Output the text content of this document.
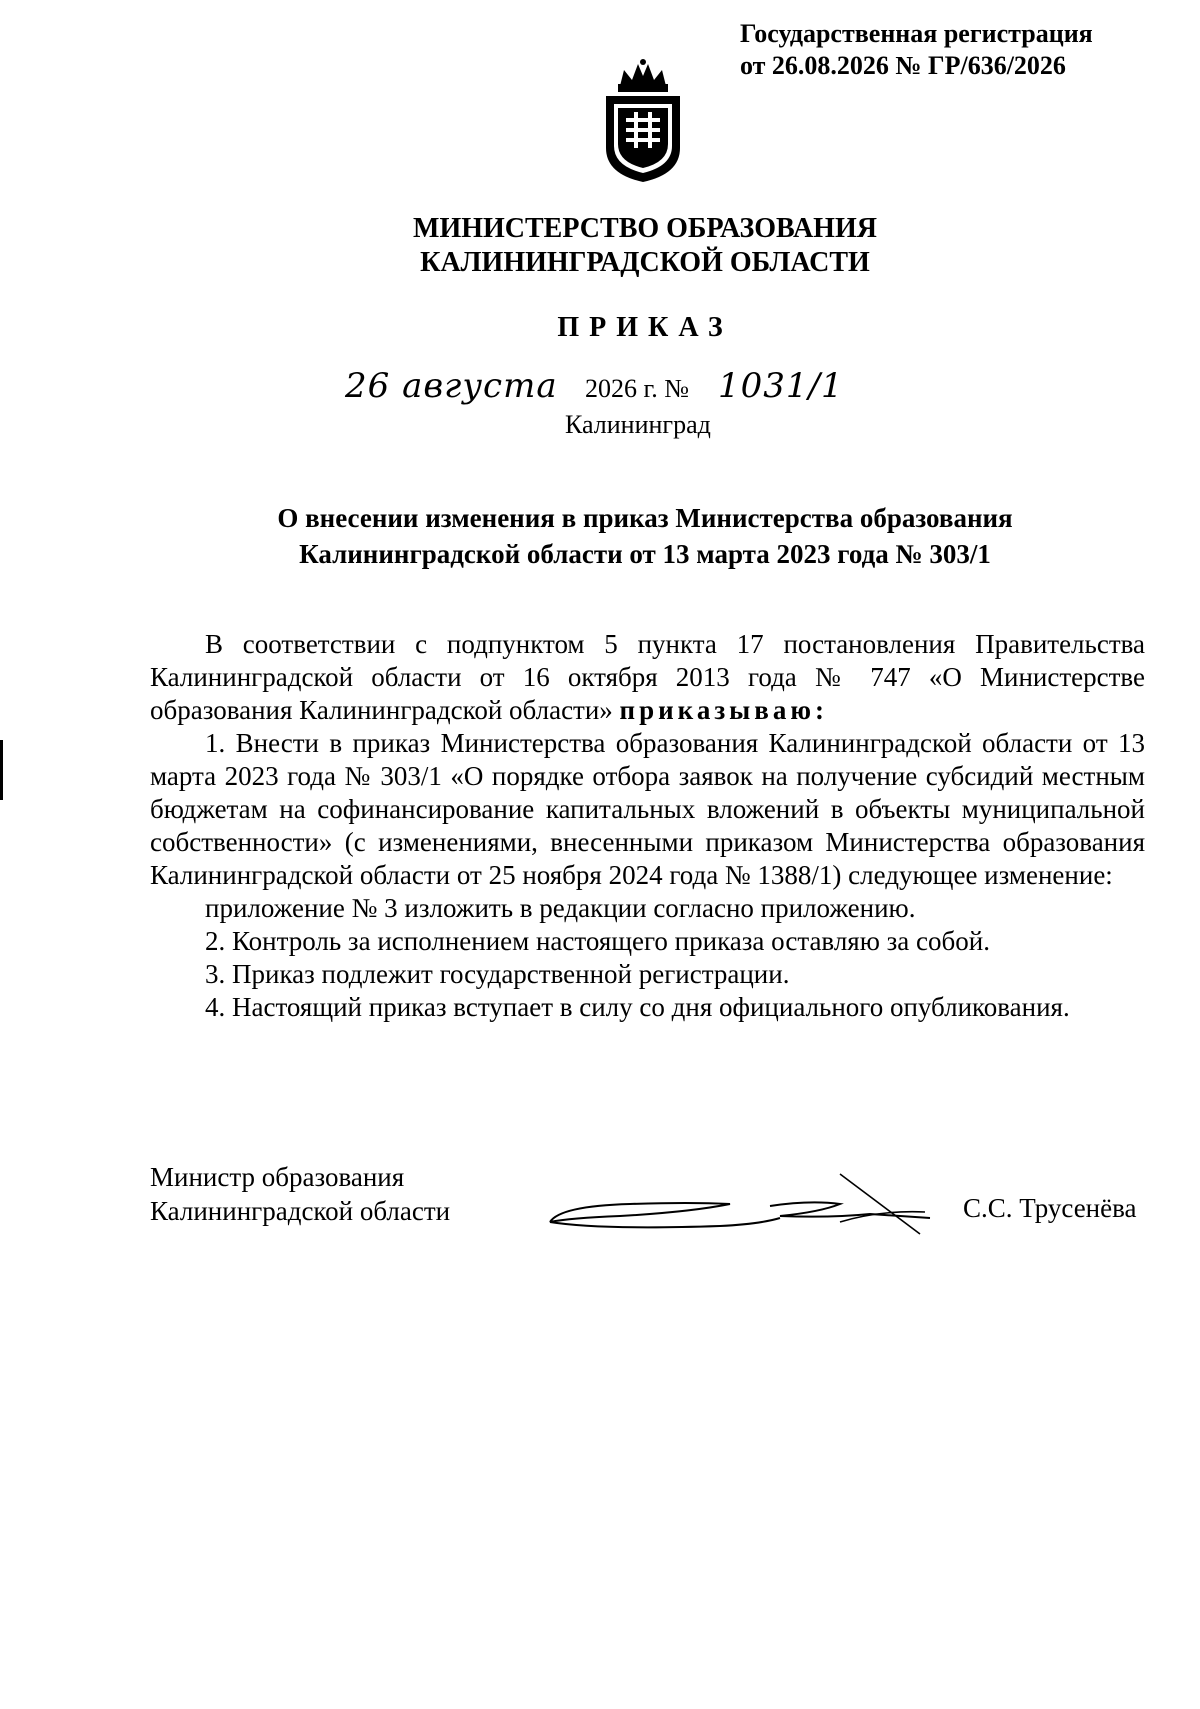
Государственная регистрация
от 26.08.2026 № ГР/636/2026
МИНИСТЕРСТВО ОБРАЗОВАНИЯ
КАЛИНИНГРАДСКОЙ ОБЛАСТИ
ПРИКАЗ
26 августа 2026 г. № 1031/1
Калининград
О внесении изменения в приказ Министерства образования
Калининградской области от 13 марта 2023 года № 303/1

В соответствии с подпунктом 5 пункта 17 постановления Правительства Калининградской области от 16 октября 2013 года № 747 «О Министерстве образования Калининградской области» приказываю:

1. Внести в приказ Министерства образования Калининградской области от 13 марта 2023 года № 303/1 «О порядке отбора заявок на получение субсидий местным бюджетам на софинансирование капитальных вложений в объекты муниципальной собственности» (с изменениями, внесенными приказом Министерства образования Калининградской области от 25 ноября 2024 года № 1388/1) следующее изменение:

приложение № 3 изложить в редакции согласно приложению.

2. Контроль за исполнением настоящего приказа оставляю за собой.

3. Приказ подлежит государственной регистрации.

4. Настоящий приказ вступает в силу со дня официального опубликования.

Министр образования
Калининградской области	С.С. Трусенёва
